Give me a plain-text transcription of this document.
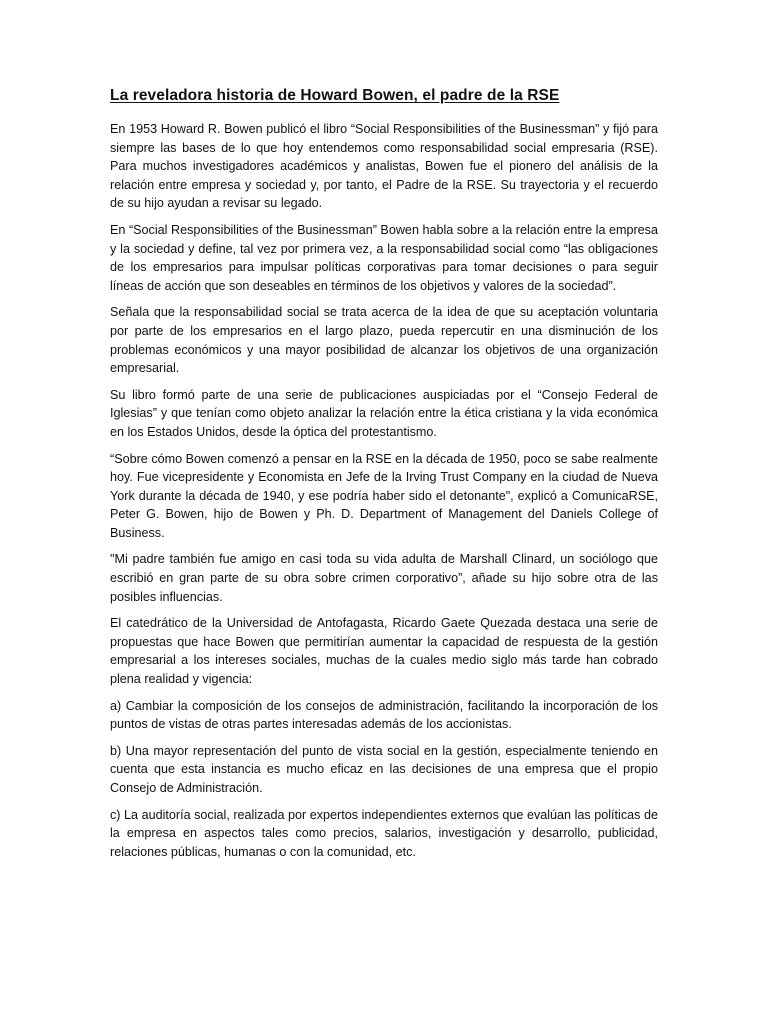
La reveladora historia de Howard Bowen, el padre de la RSE

En 1953 Howard R. Bowen publicó el libro “Social Responsibilities of the Businessman” y fijó para siempre las bases de lo que hoy entendemos como responsabilidad social empresaria (RSE). Para muchos investigadores académicos y analistas, Bowen fue el pionero del análisis de la relación entre empresa y sociedad y, por tanto, el Padre de la RSE. Su trayectoria y el recuerdo de su hijo ayudan a revisar su legado.

En “Social Responsibilities of the Businessman” Bowen habla sobre a la relación entre la empresa y la sociedad y define, tal vez por primera vez, a la responsabilidad social como “las obligaciones de los empresarios para impulsar políticas corporativas para tomar decisiones o para seguir líneas de acción que son deseables en términos de los objetivos y valores de la sociedad”.

Señala que la responsabilidad social se trata acerca de la idea de que su aceptación voluntaria por parte de los empresarios en el largo plazo, pueda repercutir en una disminución de los problemas económicos y una mayor posibilidad de alcanzar los objetivos de una organización empresarial.

Su libro formó parte de una serie de publicaciones auspiciadas por el “Consejo Federal de Iglesias” y que tenían como objeto analizar la relación entre la ética cristiana y la vida económica en los Estados Unidos, desde la óptica del protestantismo.

“Sobre cómo Bowen comenzó a pensar en la RSE en la década de 1950, poco se sabe realmente hoy. Fue vicepresidente y Economista en Jefe de la Irving Trust Company en la ciudad de Nueva York durante la década de 1940, y ese podría haber sido el detonante", explicó a ComunicaRSE, Peter G. Bowen, hijo de Bowen y Ph. D. Department of Management del Daniels College of Business.

"Mi padre también fue amigo en casi toda su vida adulta de Marshall Clinard, un sociólogo que escribió en gran parte de su obra sobre crimen corporativo”, añade su hijo sobre otra de las posibles influencias.

El catedrático de la Universidad de Antofagasta, Ricardo Gaete Quezada destaca una serie de propuestas que hace Bowen que permitirían aumentar la capacidad de respuesta de la gestión empresarial a los intereses sociales, muchas de la cuales medio siglo más tarde han cobrado plena realidad y vigencia:

a) Cambiar la composición de los consejos de administración, facilitando la incorporación de los puntos de vistas de otras partes interesadas además de los accionistas.

b) Una mayor representación del punto de vista social en la gestión, especialmente teniendo en cuenta que esta instancia es mucho eficaz en las decisiones de una empresa que el propio Consejo de Administración.

c) La auditoría social, realizada por expertos independientes externos que evalúan las políticas de la empresa en aspectos tales como precios, salarios, investigación y desarrollo, publicidad, relaciones públicas, humanas o con la comunidad, etc.
